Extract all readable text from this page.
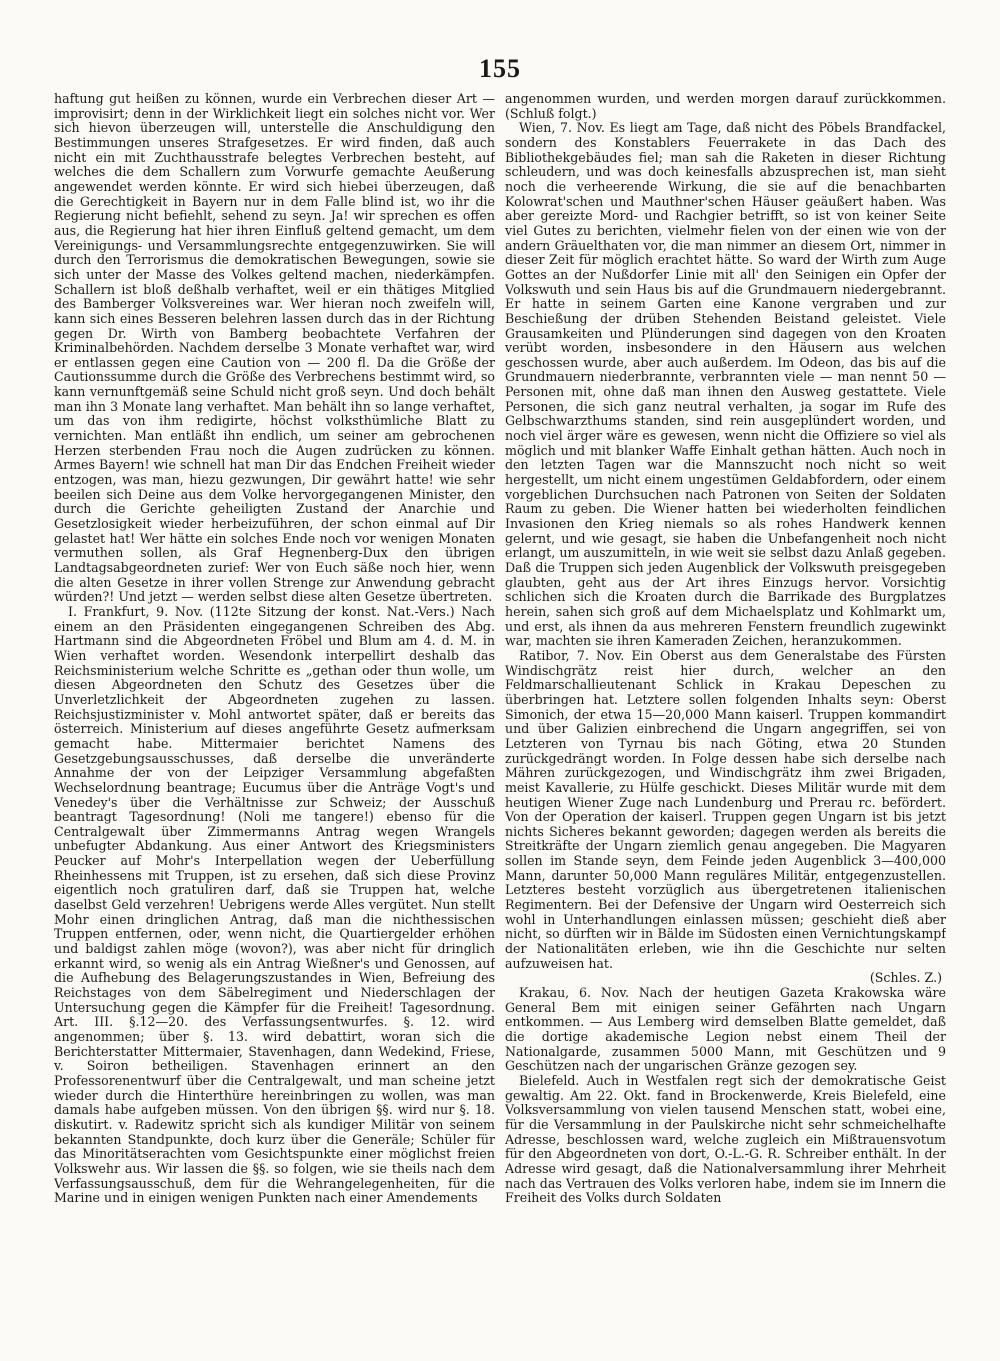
155

haftung gut heißen zu können, wurde ein Verbrechen dieser Art — improvisirt; denn in der Wirklichkeit liegt ein solches nicht vor. Wer sich hievon überzeugen will, unterstelle die Anschuldigung den Bestimmungen unseres Strafgesetzes. Er wird finden, daß auch nicht ein mit Zuchthausstrafe belegtes Verbrechen besteht, auf welches die dem Schallern zum Vorwurfe gemachte Aeußerung angewendet werden könnte. Er wird sich hiebei überzeugen, daß die Gerechtigkeit in Bayern nur in dem Falle blind ist, wo ihr die Regierung nicht befiehlt, sehend zu seyn. Ja! wir sprechen es offen aus, die Regierung hat hier ihren Einfluß geltend gemacht, um dem Vereinigungs- und Versammlungsrechte entgegenzuwirken. Sie will durch den Terrorismus die demokratischen Bewegungen, sowie sie sich unter der Masse des Volkes geltend machen, niederkämpfen. Schallern ist bloß deßhalb verhaftet, weil er ein thätiges Mitglied des Bamberger Volksvereines war. Wer hieran noch zweifeln will, kann sich eines Besseren belehren lassen durch das in der Richtung gegen Dr. Wirth von Bamberg beobachtete Verfahren der Kriminalbehörden. Nachdem derselbe 3 Monate verhaftet war, wird er entlassen gegen eine Caution von — 200 fl. Da die Größe der Cautionssumme durch die Größe des Verbrechens bestimmt wird, so kann vernunftgemäß seine Schuld nicht groß seyn. Und doch behält man ihn 3 Monate lang verhaftet. Man behält ihn so lange verhaftet, um das von ihm redigirte, höchst volksthümliche Blatt zu vernichten. Man entläßt ihn endlich, um seiner am gebrochenen Herzen sterbenden Frau noch die Augen zudrücken zu können. Armes Bayern! wie schnell hat man Dir das Endchen Freiheit wieder entzogen, was man, hiezu gezwungen, Dir gewährt hatte! wie sehr beeilen sich Deine aus dem Volke hervorgegangenen Minister, den durch die Gerichte geheiligten Zustand der Anarchie und Gesetzlosigkeit wieder herbeizuführen, der schon einmal auf Dir gelastet hat! Wer hätte ein solches Ende noch vor wenigen Monaten vermuthen sollen, als Graf Hegnenberg-Dux den übrigen Landtagsabgeordneten zurief: Wer von Euch säße noch hier, wenn die alten Gesetze in ihrer vollen Strenge zur Anwendung gebracht würden?! Und jetzt — werden selbst diese alten Gesetze übertreten.

I. Frankfurt, 9. Nov. (112te Sitzung der konst. Nat.-Vers.) Nach einem an den Präsidenten eingegangenen Schreiben des Abg. Hartmann sind die Abgeordneten Fröbel und Blum am 4. d. M. in Wien verhaftet worden. Wesendonk interpellirt deshalb das Reichsministerium welche Schritte es „gethan oder thun wolle, um diesen Abgeordneten den Schutz des Gesetzes über die Unverletzlichkeit der Abgeordneten zugehen zu lassen. Reichsjustizminister v. Mohl antwortet später, daß er bereits das österreich. Ministerium auf dieses angeführte Gesetz aufmerksam gemacht habe. Mittermaier berichtet Namens des Gesetzgebungsausschusses, daß derselbe die unveränderte Annahme der von der Leipziger Versammlung abgefaßten Wechselordnung beantrage; Eucumus über die Anträge Vogt's und Venedey's über die Verhältnisse zur Schweiz; der Ausschuß beantragt Tagesordnung! (Noli me tangere!) ebenso für die Centralgewalt über Zimmermanns Antrag wegen Wrangels unbefugter Abdankung. Aus einer Antwort des Kriegsministers Peucker auf Mohr's Interpellation wegen der Ueberfüllung Rheinhessens mit Truppen, ist zu ersehen, daß sich diese Provinz eigentlich noch gratuliren darf, daß sie Truppen hat, welche daselbst Geld verzehren! Uebrigens werde Alles vergütet. Nun stellt Mohr einen dringlichen Antrag, daß man die nichthessischen Truppen entfernen, oder, wenn nicht, die Quartiergelder erhöhen und baldigst zahlen möge (wovon?), was aber nicht für dringlich erkannt wird, so wenig als ein Antrag Wießner's und Genossen, auf die Aufhebung des Belagerungszustandes in Wien, Befreiung des Reichstages von dem Säbelregiment und Niederschlagen der Untersuchung gegen die Kämpfer für die Freiheit! Tagesordnung. Art. III. §.12—20. des Verfassungsentwurfes. §. 12. wird angenommen; über §. 13. wird debattirt, woran sich die Berichterstatter Mittermaier, Stavenhagen, dann Wedekind, Friese, v. Soiron betheiligen. Stavenhagen erinnert an den Professorenentwurf über die Centralgewalt, und man scheine jetzt wieder durch die Hinterthüre hereinbringen zu wollen, was man damals habe aufgeben müssen. Von den übrigen §§. wird nur §. 18. diskutirt. v. Radewitz spricht sich als kundiger Militär von seinem bekannten Standpunkte, doch kurz über die Generäle; Schüler für das Minoritätserachten vom Gesichtspunkte einer möglichst freien Volkswehr aus. Wir lassen die §§. so folgen, wie sie theils nach dem Verfassungsausschuß, dem für die Wehrangelegenheiten, für die Marine und in einigen wenigen Punkten nach einer Amendements

angenommen wurden, und werden morgen darauf zurückkommen. (Schluß folgt.)

Wien, 7. Nov. Es liegt am Tage, daß nicht des Pöbels Brandfackel, sondern des Konstablers Feuerrakete in das Dach des Bibliothekgebäudes fiel; man sah die Raketen in dieser Richtung schleudern, und was doch keinesfalls abzusprechen ist, man sieht noch die verheerende Wirkung, die sie auf die benachbarten Kolowrat'schen und Mauthner'schen Häuser geäußert haben. Was aber gereizte Mord- und Rachgier betrifft, so ist von keiner Seite viel Gutes zu berichten, vielmehr fielen von der einen wie von der andern Gräuelthaten vor, die man nimmer an diesem Ort, nimmer in dieser Zeit für möglich erachtet hätte. So ward der Wirth zum Auge Gottes an der Nußdorfer Linie mit all' den Seinigen ein Opfer der Volkswuth und sein Haus bis auf die Grundmauern niedergebrannt. Er hatte in seinem Garten eine Kanone vergraben und zur Beschießung der drüben Stehenden Beistand geleistet. Viele Grausamkeiten und Plünderungen sind dagegen von den Kroaten verübt worden, insbesondere in den Häusern aus welchen geschossen wurde, aber auch außerdem. Im Odeon, das bis auf die Grundmauern niederbrannte, verbrannten viele — man nennt 50 — Personen mit, ohne daß man ihnen den Ausweg gestattete. Viele Personen, die sich ganz neutral verhalten, ja sogar im Rufe des Gelbschwarzthums standen, sind rein ausgeplündert worden, und noch viel ärger wäre es gewesen, wenn nicht die Offiziere so viel als möglich und mit blanker Waffe Einhalt gethan hätten. Auch noch in den letzten Tagen war die Mannszucht noch nicht so weit hergestellt, um nicht einem ungestümen Geldabfordern, oder einem vorgeblichen Durchsuchen nach Patronen von Seiten der Soldaten Raum zu geben. Die Wiener hatten bei wiederholten feindlichen Invasionen den Krieg niemals so als rohes Handwerk kennen gelernt, und wie gesagt, sie haben die Unbefangenheit noch nicht erlangt, um auszumitteln, in wie weit sie selbst dazu Anlaß gegeben. Daß die Truppen sich jeden Augenblick der Volkswuth preisgegeben glaubten, geht aus der Art ihres Einzugs hervor. Vorsichtig schlichen sich die Kroaten durch die Barrikade des Burgplatzes herein, sahen sich groß auf dem Michaelsplatz und Kohlmarkt um, und erst, als ihnen da aus mehreren Fenstern freundlich zugewinkt war, machten sie ihren Kameraden Zeichen, heranzukommen.

Ratibor, 7. Nov. Ein Oberst aus dem Generalstabe des Fürsten Windischgrätz reist hier durch, welcher an den Feldmarschallieutenant Schlick in Krakau Depeschen zu überbringen hat. Letztere sollen folgenden Inhalts seyn: Oberst Simonich, der etwa 15—20,000 Mann kaiserl. Truppen kommandirt und über Galizien einbrechend die Ungarn angegriffen, sei von Letzteren von Tyrnau bis nach Göting, etwa 20 Stunden zurückgedrängt worden. In Folge dessen habe sich derselbe nach Mähren zurückgezogen, und Windischgrätz ihm zwei Brigaden, meist Kavallerie, zu Hülfe geschickt. Dieses Militär wurde mit dem heutigen Wiener Zuge nach Lundenburg und Prerau rc. befördert. Von der Operation der kaiserl. Truppen gegen Ungarn ist bis jetzt nichts Sicheres bekannt geworden; dagegen werden als bereits die Streitkräfte der Ungarn ziemlich genau angegeben. Die Magyaren sollen im Stande seyn, dem Feinde jeden Augenblick 3—400,000 Mann, darunter 50,000 Mann reguläres Militär, entgegenzustellen. Letzteres besteht vorzüglich aus übergetretenen italienischen Regimentern. Bei der Defensive der Ungarn wird Oesterreich sich wohl in Unterhandlungen einlassen müssen; geschieht dieß aber nicht, so dürften wir in Bälde im Südosten einen Vernichtungskampf der Nationalitäten erleben, wie ihn die Geschichte nur selten aufzuweisen hat.

(Schles. Z.)

Krakau, 6. Nov. Nach der heutigen Gazeta Krakowska wäre General Bem mit einigen seiner Gefährten nach Ungarn entkommen. — Aus Lemberg wird demselben Blatte gemeldet, daß die dortige akademische Legion nebst einem Theil der Nationalgarde, zusammen 5000 Mann, mit Geschützen und 9 Geschützen nach der ungarischen Gränze gezogen sey.

Bielefeld. Auch in Westfalen regt sich der demokratische Geist gewaltig. Am 22. Okt. fand in Brockenwerde, Kreis Bielefeld, eine Volksversammlung von vielen tausend Menschen statt, wobei eine, für die Versammlung in der Paulskirche nicht sehr schmeichelhafte Adresse, beschlossen ward, welche zugleich ein Mißtrauensvotum für den Abgeordneten von dort, O.-L.-G. R. Schreiber enthält. In der Adresse wird gesagt, daß die Nationalversammlung ihrer Mehrheit nach das Vertrauen des Volks verloren habe, indem sie im Innern die Freiheit des Volks durch Soldaten
